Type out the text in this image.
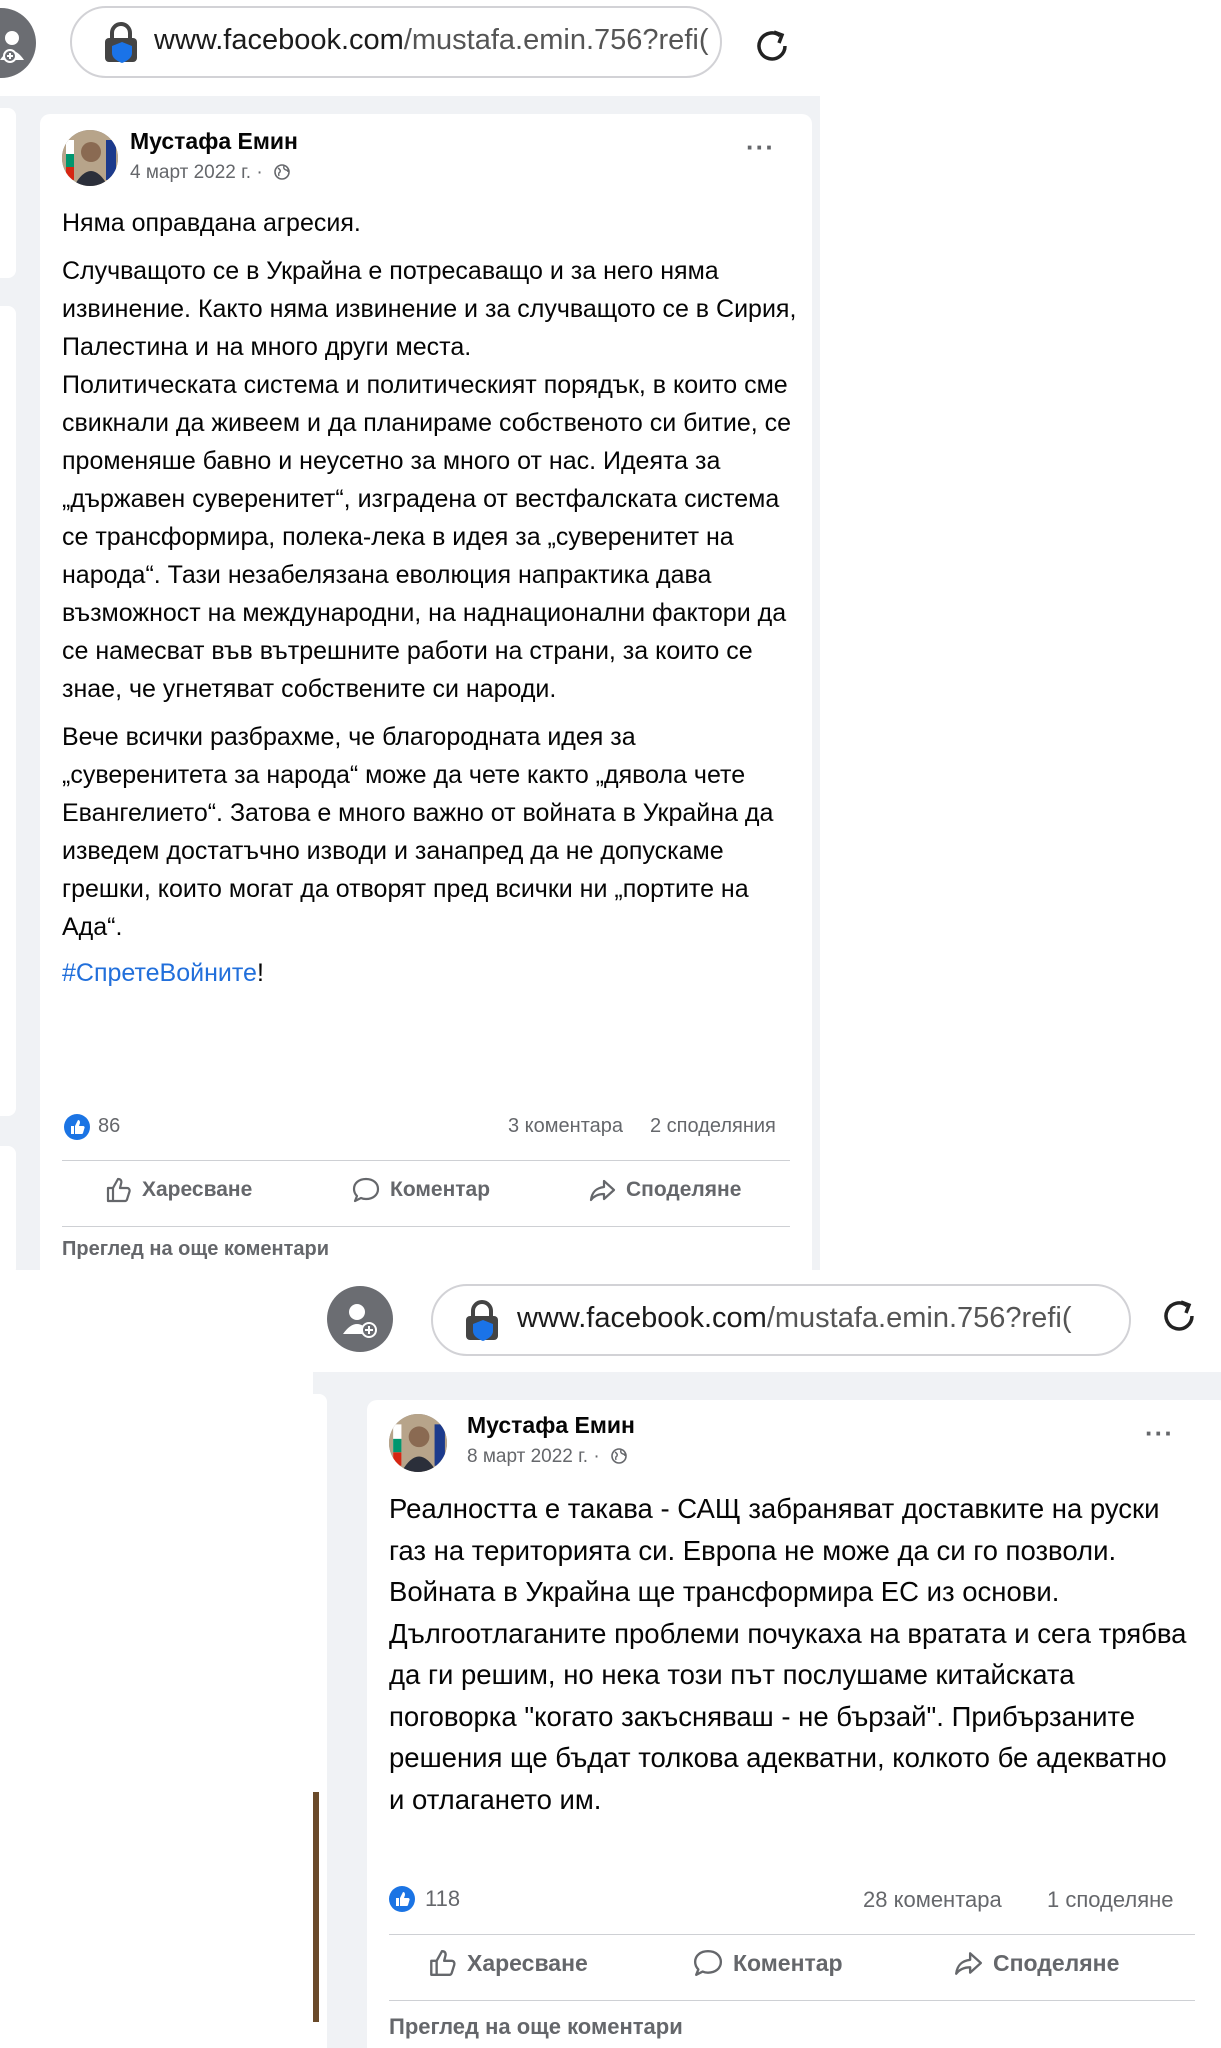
www.facebook.com/mustafa.emin.756?refi(
Мустафа Емин
4 март 2022 г. ·
···

Няма оправдана агресия.

Случващото се в Украйна е потресаващо и за него няма извинение. Както няма извинение и за случващото се в Сирия, Палестина и на много други места.
Политическата система и политическият порядък, в които сме свикнали да живеем и да планираме собственото си битие, се променяше бавно и неусетно за много от нас. Идеята за „държавен суверенитет“, изградена от вестфалската система се трансформира, полека-лека в идея за „суверенитет на народа“. Тази незабелязана еволюция напрактика дава възможност на международни, на наднационални фактори да се намесват във вътрешните работи на страни, за които се знае, че угнетяват собствените си народи.

Вече всички разбрахме, че благородната идея за „суверенитета за народа“ може да чете както „дявола чете Евангелието“. Затова е много важно от войната в Украйна да изведем достатъчно изводи и занапред да не допускаме грешки, които могат да отворят пред всички ни „портите на Ада“.

#СпретеВойните!

86	3 коментара 2 споделяния
Харесване	Коментар	Споделяне
Преглед на още коментари
www.facebook.com/mustafa.emin.756?refi(
Мустафа Емин
8 март 2022 г. ·
···

Реалността е такава - САЩ забраняват доставките на руски газ на територията си. Европа не може да си го позволи. Войната в Украйна ще трансформира ЕС из основи. Дългоотлаганите проблеми почукаха на вратата и сега трябва да ги решим, но нека този път послушаме китайската поговорка "когато закъсняваш - не бързай". Прибързаните решения ще бъдат толкова адекватни, колкото бе адекватно и отлагането им.

118	28 коментара 1 споделяне
Харесване	Коментар	Споделяне
Преглед на още коментари
